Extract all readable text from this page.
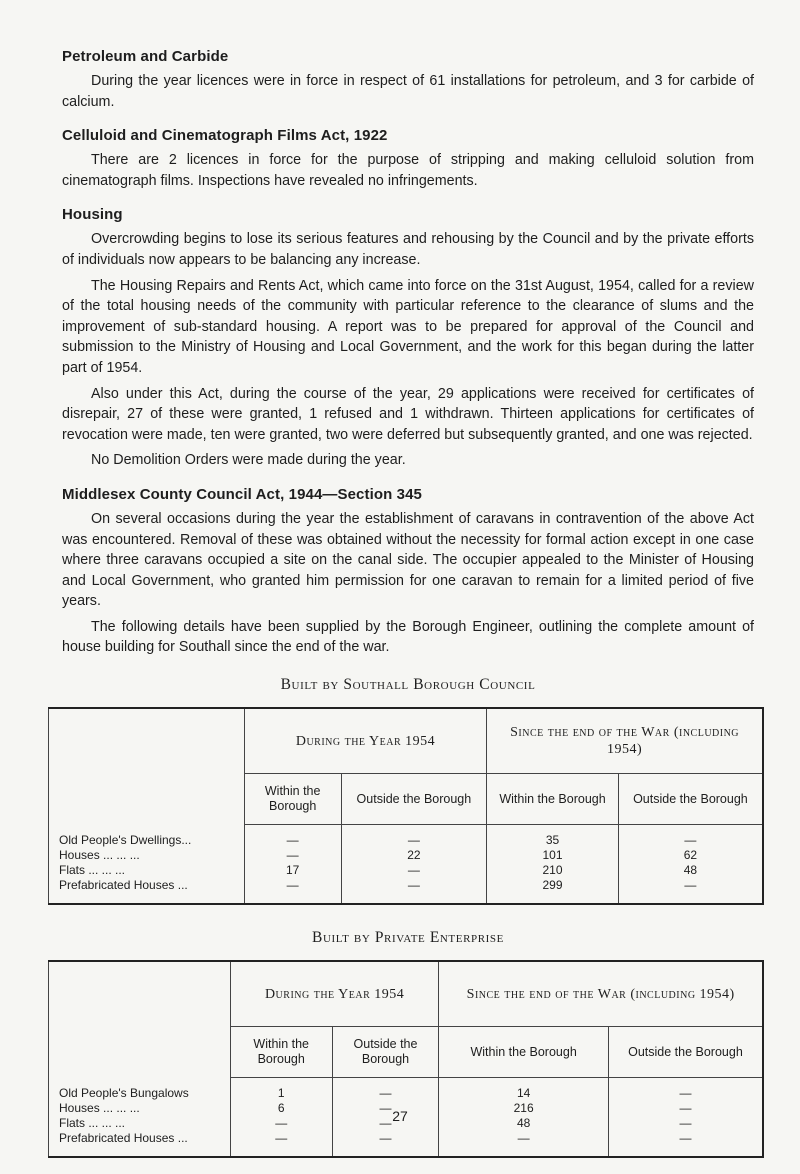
Petroleum and Carbide

During the year licences were in force in respect of 61 installations for petroleum, and 3 for carbide of calcium.

Celluloid and Cinematograph Films Act, 1922

There are 2 licences in force for the purpose of stripping and making celluloid solution from cinematograph films. Inspections have revealed no infringements.

Housing

Overcrowding begins to lose its serious features and rehousing by the Council and by the private efforts of individuals now appears to be balancing any increase.

The Housing Repairs and Rents Act, which came into force on the 31st August, 1954, called for a review of the total housing needs of the community with particular reference to the clearance of slums and the improvement of sub-standard housing. A report was to be prepared for approval of the Council and submission to the Ministry of Housing and Local Government, and the work for this began during the latter part of 1954.

Also under this Act, during the course of the year, 29 applications were received for certificates of disrepair, 27 of these were granted, 1 refused and 1 withdrawn. Thirteen applications for certificates of revocation were made, ten were granted, two were deferred but subsequently granted, and one was rejected.

No Demolition Orders were made during the year.

Middlesex County Council Act, 1944—Section 345

On several occasions during the year the establishment of caravans in contravention of the above Act was encountered. Removal of these was obtained without the necessity for formal action except in one case where three caravans occupied a site on the canal side. The occupier appealed to the Minister of Housing and Local Government, who granted him permission for one caravan to remain for a limited period of five years.

The following details have been supplied by the Borough Engineer, outlining the complete amount of house building for Southall since the end of the war.

Built by Southall Borough Council
	During the Year 1954		Since the end of the War (including 1954)	
	Within the Borough	Outside the Borough	Within the Borough	Outside the Borough
Old People's Dwellings...	—	—	35	—
Houses ... ... ...	—	22	101	62
Flats ... ... ...	17	—	210	48
Prefabricated Houses ...	—	—	299	—
Built by Private Enterprise
	During the Year 1954		Since the end of the War (including 1954)	
	Within the Borough	Outside the Borough	Within the Borough	Outside the Borough
Old People's Bungalows	1	—	14	—
Houses ... ... ...	6	—	216	—
Flats ... ... ...	—	—	48	—
Prefabricated Houses ...	—	—	—	—
27
